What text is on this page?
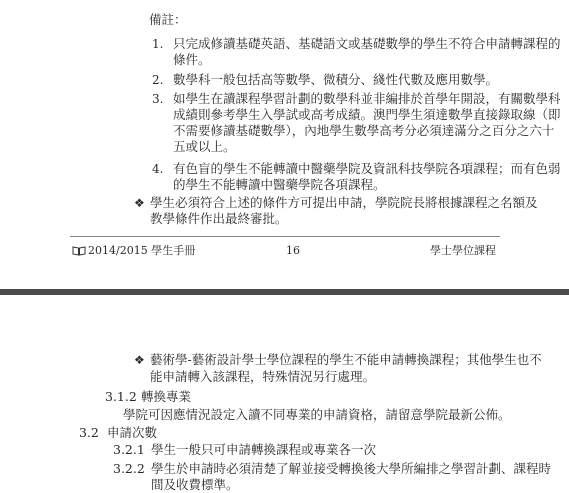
備註：
1. 只完成修讀基礎英語、基礎語文或基礎數學的學生不符合申請轉課程的
條件。
2. 數學科一般包括高等數學、微積分、綫性代數及應用數學。
3. 如學生在讀課程學習計劃的數學科並非編排於首學年開設，有關數學科
成績則參考學生入學試或高考成績。澳門學生須達數學直接錄取線（即
不需要修讀基礎數學），內地學生數學高考分必須達滿分之百分之六十
五或以上。
4. 有色盲的學生不能轉讀中醫藥學院及資訊科技學院各項課程；而有色弱
的學生不能轉讀中醫藥學院各項課程。
❖ 學生必須符合上述的條件方可提出申請，學院院長將根據課程之名額及
教學條件作出最終審批。
2014/2015 學生手冊	16	學士學位課程
❖ 藝術學-藝術設計學士學位課程的學生不能申請轉換課程；其他學生也不
能申請轉入該課程，特殊情況另行處理。
3.1.2 轉換專業
學院可因應情況設定入讀不同專業的申請資格，請留意學院最新公佈。
3.2 申請次數
3.2.1 學生一般只可申請轉換課程或專業各一次
3.2.2 學生於申請時必須清楚了解並接受轉換後大學所編排之學習計劃、課程時
間及收費標準。
